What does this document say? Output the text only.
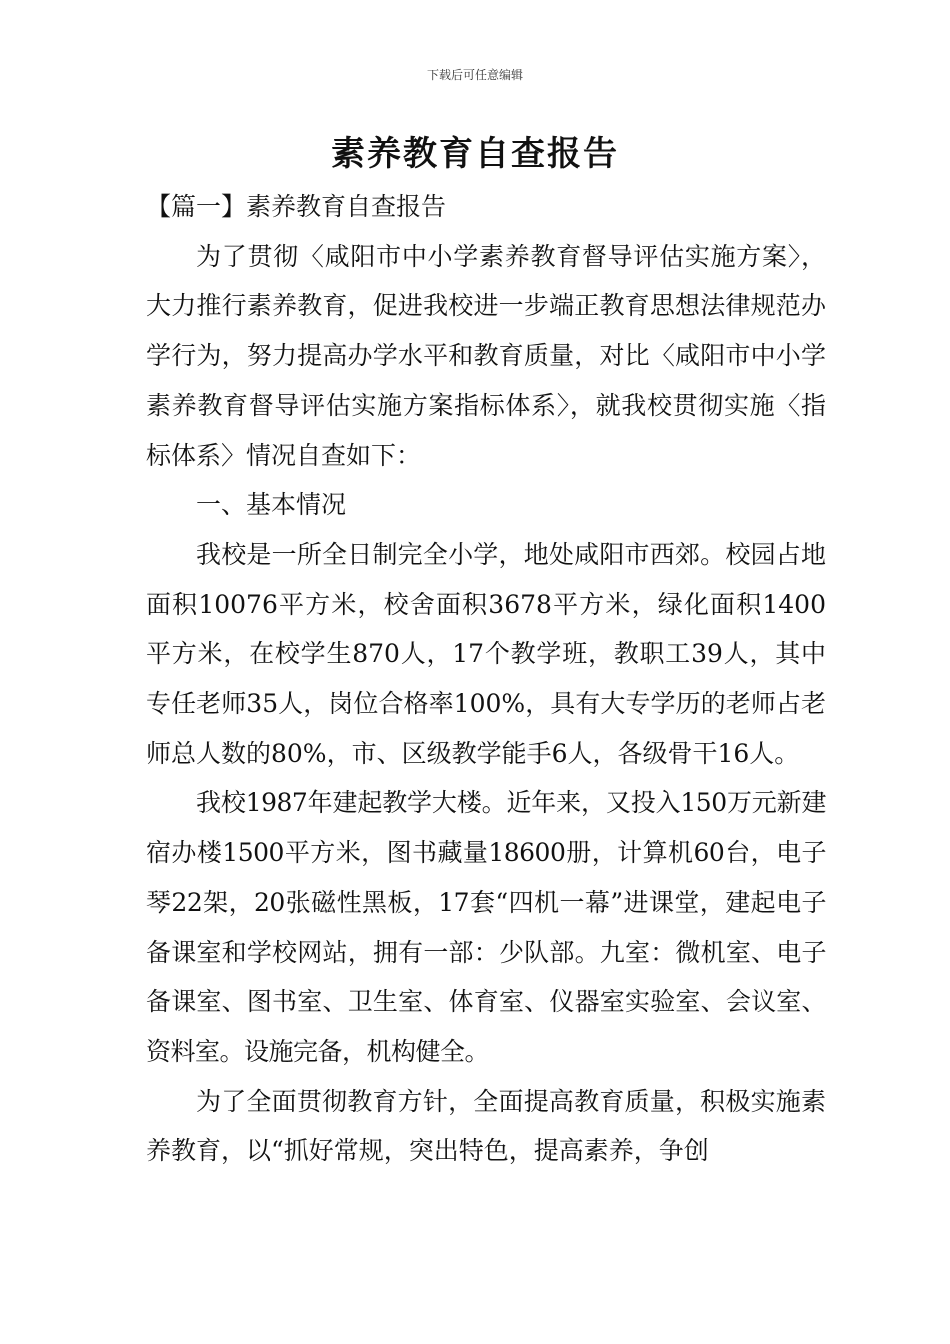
下载后可任意编辑
素养教育自查报告

【篇一】素养教育自查报告

为了贯彻〈咸阳市中小学素养教育督导评估实施方案〉，大力推行素养教育，促进我校进一步端正教育思想法律规范办学行为，努力提高办学水平和教育质量，对比〈咸阳市中小学素养教育督导评估实施方案指标体系〉，就我校贯彻实施〈指标体系〉情况自查如下：

一、基本情况

我校是一所全日制完全小学，地处咸阳市西郊。校园占地面积10076平方米，校舍面积3678平方米，绿化面积1400平方米，在校学生870人，17个教学班，教职工39人，其中专任老师35人，岗位合格率100%，具有大专学历的老师占老师总人数的80%，市、区级教学能手6人，各级骨干16人。

我校1987年建起教学大楼。近年来，又投入150万元新建宿办楼1500平方米，图书藏量18600册，计算机60台，电子琴22架，20张磁性黑板，17套“四机一幕”进课堂，建起电子备课室和学校网站，拥有一部：少队部。九室：微机室、电子备课室、图书室、卫生室、体育室、仪器室实验室、会议室、资料室。设施完备，机构健全。

为了全面贯彻教育方针，全面提高教育质量，积极实施素养教育，以“抓好常规，突出特色，提高素养，争创
